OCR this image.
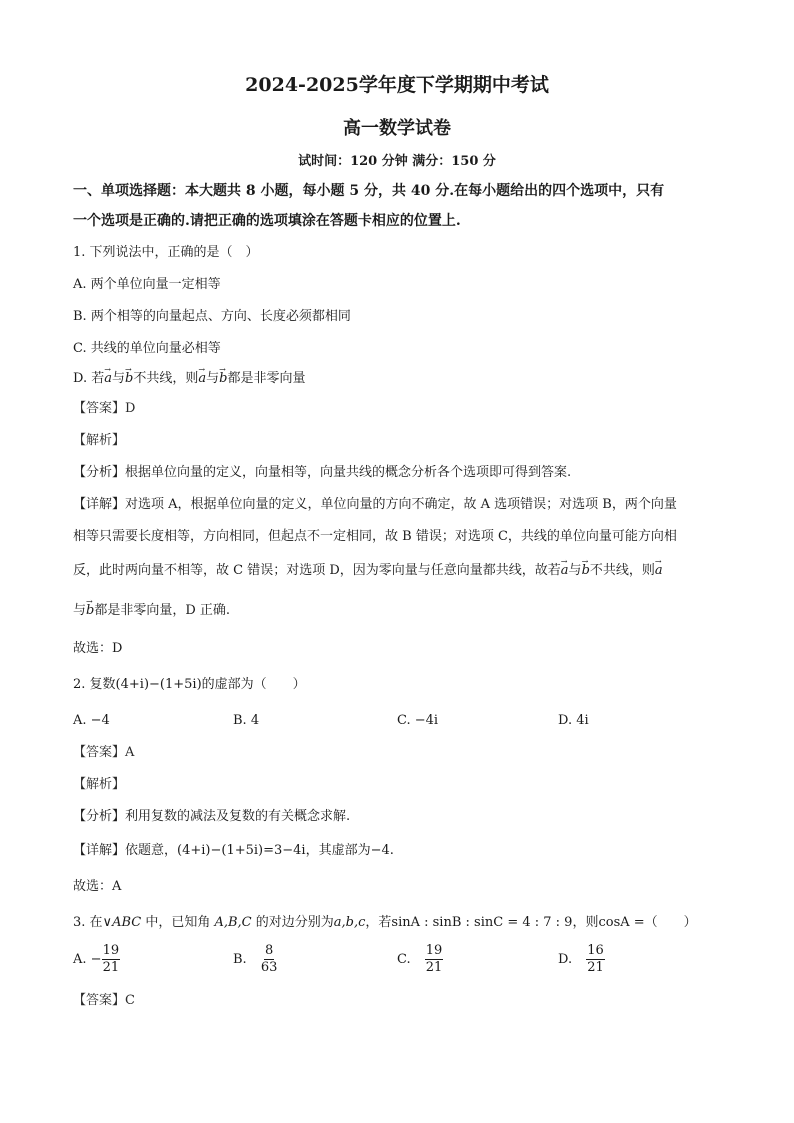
2024-2025学年度下学期期中考试
高一数学试卷
试时间：120 分钟 满分：150 分
一、单项选择题：本大题共 8 小题，每小题 5 分，共 40 分.在每小题给出的四个选项中，只有
一个选项是正确的.请把正确的选项填涂在答题卡相应的位置上.
1. 下列说法中，正确的是（　）
A. 两个单位向量一定相等
B. 两个相等的向量起点、方向、长度必须都相同
C. 共线的单位向量必相等
D. 若→ a与→ b不共线，则→ a与→ b都是非零向量
【答案】D
【解析】
【分析】根据单位向量的定义，向量相等，向量共线的概念分析各个选项即可得到答案.
【详解】对选项 A，根据单位向量的定义，单位向量的方向不确定，故 A 选项错误；对选项 B，两个向量
相等只需要长度相等，方向相同，但起点不一定相同，故 B 错误；对选项 C，共线的单位向量可能方向相
反，此时两向量不相等，故 C 错误；对选项 D，因为零向量与任意向量都共线，故若→ a与→ b不共线，则→ a
与→ b都是非零向量，D 正确.
故选：D
2. 复数(4+i)−(1+5i)的虚部为（　　）
A. −4	B. 4	C. −4i	D. 4i
【答案】A
【解析】
【分析】利用复数的减法及复数的有关概念求解.
【详解】依题意，(4+i)−(1+5i)=3−4i，其虚部为−4.
故选：A
3. 在∨ABC 中，已知角 A,B,C 的对边分别为a,b,c，若sinA : sinB : sinC = 4 : 7 : 9，则cosA =（　　）
A. − $\frac{19}{21}$	B. $\frac{8}{63}$	C. $\frac{19}{21}$	D. $\frac{16}{21}$
【答案】C
